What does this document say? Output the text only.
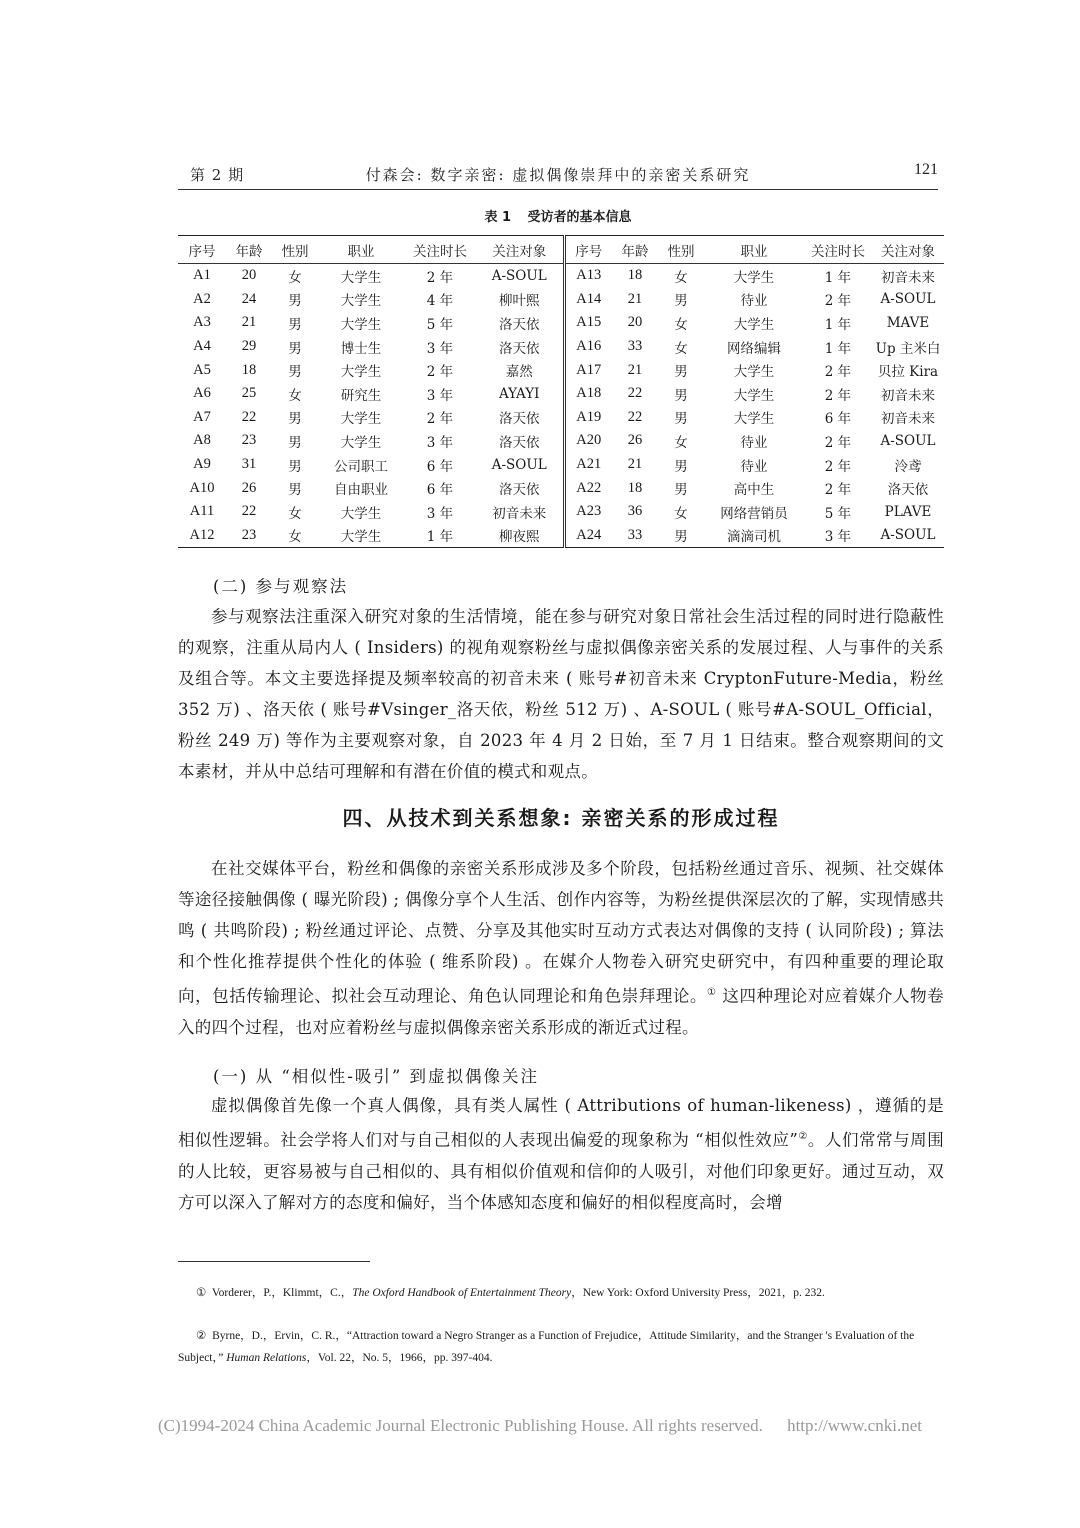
第 2 期	付森会: 数字亲密: 虚拟偶像崇拜中的亲密关系研究	121
表 1 受访者的基本信息
序号	年龄	性别	职业	关注时长	关注对象	序号	年龄	性别	职业	关注时长	关注对象
A1	20	女	大学生	2 年	A-SOUL	A13	18	女	大学生	1 年	初音未来
A2	24	男	大学生	4 年	柳叶熙	A14	21	男	待业	2 年	A-SOUL
A3	21	男	大学生	5 年	洛天依	A15	20	女	大学生	1 年	MAVE
A4	29	男	博士生	3 年	洛天依	A16	33	女	网络编辑	1 年	Up 主米白
A5	18	男	大学生	2 年	嘉然	A17	21	男	大学生	2 年	贝拉 Kira
A6	25	女	研究生	3 年	AYAYI	A18	22	男	大学生	2 年	初音未来
A7	22	男	大学生	2 年	洛天依	A19	22	男	大学生	6 年	初音未来
A8	23	男	大学生	3 年	洛天依	A20	26	女	待业	2 年	A-SOUL
A9	31	男	公司职工	6 年	A-SOUL	A21	21	男	待业	2 年	泠鸢
A10	26	男	自由职业	6 年	洛天依	A22	18	男	高中生	2 年	洛天依
A11	22	女	大学生	3 年	初音未来	A23	36	女	网络营销员	5 年	PLAVE
A12	23	女	大学生	1 年	柳夜熙	A24	33	男	滴滴司机	3 年	A-SOUL
(二) 参与观察法
参与观察法注重深入研究对象的生活情境，能在参与研究对象日常社会生活过程的同时进行隐蔽性的观察，注重从局内人 ( Insiders) 的视角观察粉丝与虚拟偶像亲密关系的发展过程、人与事件的关系及组合等。本文主要选择提及频率较高的初音未来 ( 账号#初音未来 CryptonFuture-Media，粉丝 352 万) 、洛天依 ( 账号#Vsinger_洛天依，粉丝 512 万) 、A-SOUL ( 账号#A-SOUL_Official，粉丝 249 万) 等作为主要观察对象，自 2023 年 4 月 2 日始，至 7 月 1 日结束。整合观察期间的文本素材，并从中总结可理解和有潜在价值的模式和观点。
四、从技术到关系想象: 亲密关系的形成过程
在社交媒体平台，粉丝和偶像的亲密关系形成涉及多个阶段，包括粉丝通过音乐、视频、社交媒体等途径接触偶像 ( 曝光阶段) ; 偶像分享个人生活、创作内容等，为粉丝提供深层次的了解，实现情感共鸣 ( 共鸣阶段) ; 粉丝通过评论、点赞、分享及其他实时互动方式表达对偶像的支持 ( 认同阶段) ; 算法和个性化推荐提供个性化的体验 ( 维系阶段) 。在媒介人物卷入研究史研究中，有四种重要的理论取向，包括传输理论、拟社会互动理论、角色认同理论和角色崇拜理论。① 这四种理论对应着媒介人物卷入的四个过程，也对应着粉丝与虚拟偶像亲密关系形成的渐近式过程。
(一) 从 “相似性-吸引” 到虚拟偶像关注
虚拟偶像首先像一个真人偶像，具有类人属性 ( Attributions of human-likeness) ，遵循的是相似性逻辑。社会学将人们对与自己相似的人表现出偏爱的现象称为 “相似性效应”②。人们常常与周围的人比较，更容易被与自己相似的、具有相似价值观和信仰的人吸引，对他们印象更好。通过互动，双方可以深入了解对方的态度和偏好，当个体感知态度和偏好的相似程度高时，会增
① Vorderer，P.，Klimmt，C.，The Oxford Handbook of Entertainment Theory，New York: Oxford University Press，2021，p. 232.
② Byrne，D.，Ervin，C. R.，“Attraction toward a Negro Stranger as a Function of Frejudice，Attitude Similarity，and the Stranger 's Evaluation of the Subject，” Human Relations，Vol. 22，No. 5，1966，pp. 397-404.
(C)1994-2024 China Academic Journal Electronic Publishing House. All rights reserved. http://www.cnki.net
